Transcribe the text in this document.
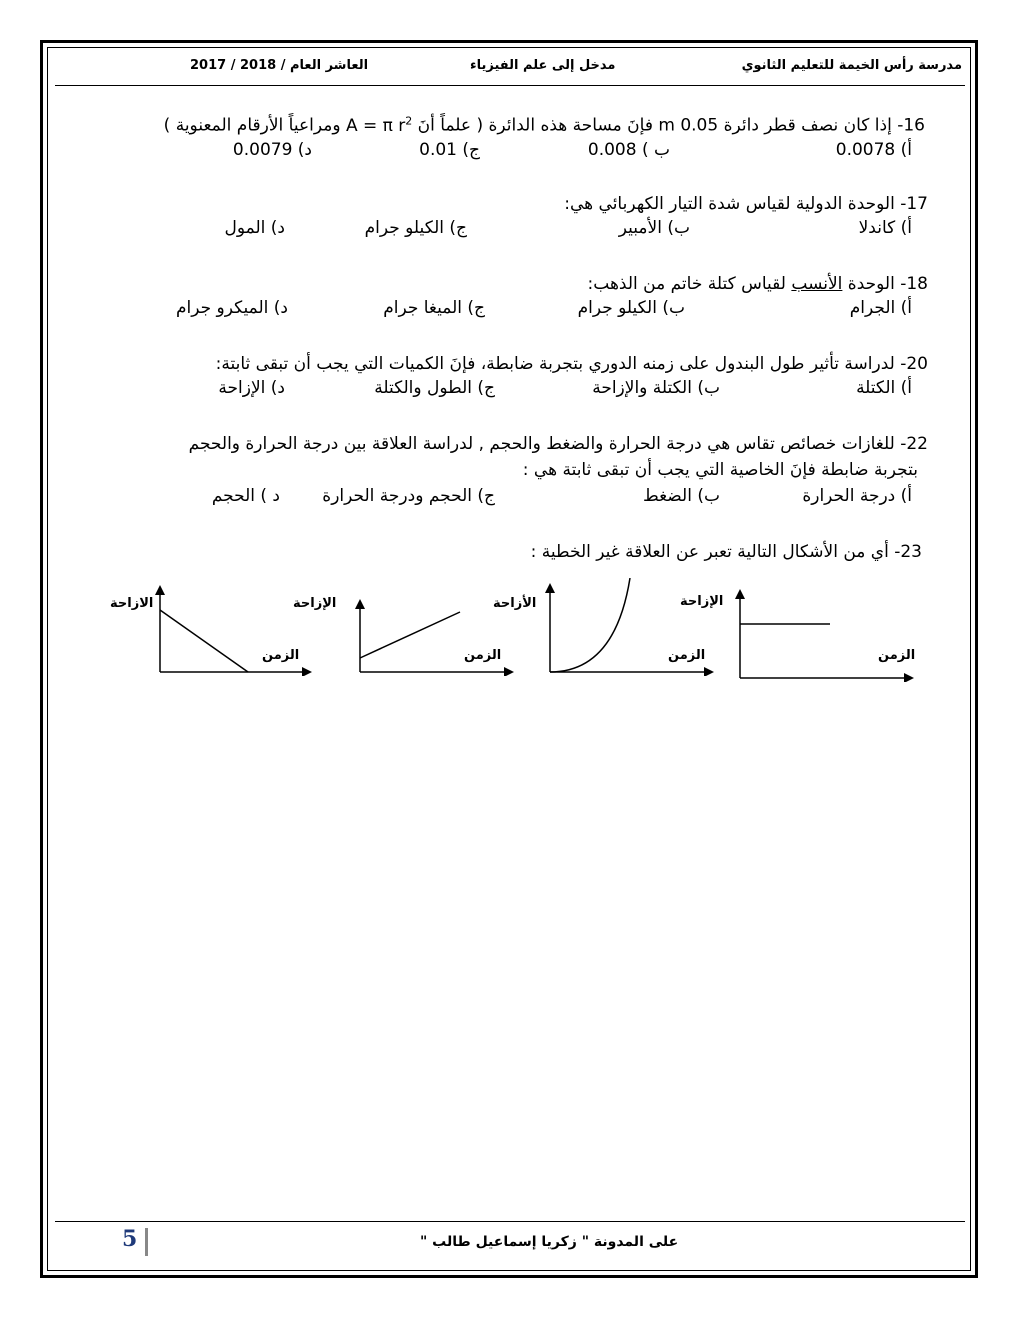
مدرسة رأس الخيمة للتعليم الثانوي
مدخل إلى علم الفيزياء
العاشر العام / 2018 / 2017
16- إذا كان نصف قطر دائرة 0.05 m فإنَ مساحة هذه الدائرة ( علماً أنَ A = π $r^2$ ومراعياً الأرقام المعنوية )
أ) 0.0078
ب ) 0.008
ج) 0.01
د) 0.0079
17- الوحدة الدولية لقياس شدة التيار الكهربائي هي:
أ) كاندلا
ب) الأمبير
ج) الكيلو جرام
د) المول
18- الوحدة الأنسب لقياس كتلة خاتم من الذهب:
أ) الجرام
ب) الكيلو جرام
ج) الميغا جرام
د) الميكرو جرام
20- لدراسة تأثير طول البندول على زمنه الدوري بتجربة ضابطة، فإنَ الكميات التي يجب أن تبقى ثابتة:
أ) الكتلة
ب) الكتلة والإزاحة
ج) الطول والكتلة
د) الإزاحة
22- للغازات خصائص تقاس هي درجة الحرارة والضغط والحجم , لدراسة العلاقة بين درجة الحرارة والحجم
بتجربة ضابطة فإنَ الخاصية التي يجب أن تبقى ثابتة هي :
أ) درجة الحرارة
ب) الضغط
ج) الحجم ودرجة الحرارة
د ) الحجم
23- أي من الأشكال التالية تعبر عن العلاقة غير الخطية :
الإزاحة
الزمن
الأزاحة
الزمن
الإزاحة
الزمن
الازاحة
الزمن
على المدونة " زكريا إسماعيل طالب "
5
